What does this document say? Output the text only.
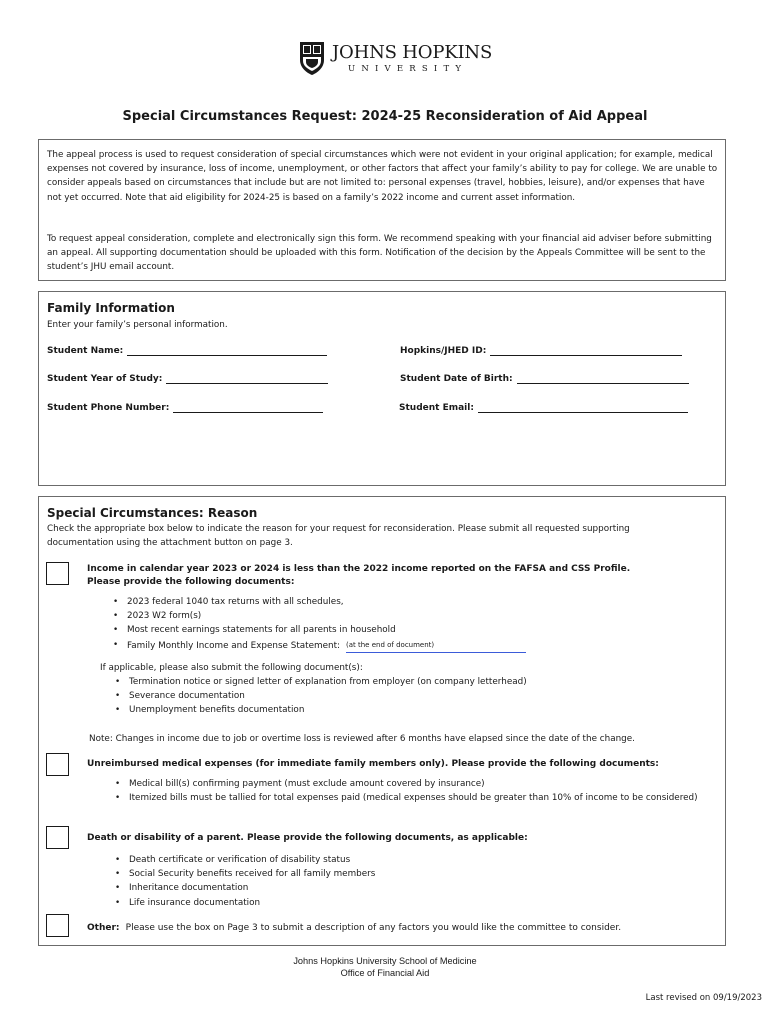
JOHNS HOPKINS
UNIVERSITY
Special Circumstances Request: 2024-25 Reconsideration of Aid Appeal

The appeal process is used to request consideration of special circumstances which were not evident in your original application; for example, medical expenses not covered by insurance, loss of income, unemployment, or other factors that affect your family’s ability to pay for college. We are unable to consider appeals based on circumstances that include but are not limited to: personal expenses (travel, hobbies, leisure), and/or expenses that have not yet occurred. Note that aid eligibility for 2024-25 is based on a family’s 2022 income and current asset information.

To request appeal consideration, complete and electronically sign this form. We recommend speaking with your financial aid adviser before submitting an appeal. All supporting documentation should be uploaded with this form. Notification of the decision by the Appeals Committee will be sent to the student’s JHU email account.

Family Information
Enter your family’s personal information.
Student Name:	Hopkins/JHED ID:
Student Year of Study:	Student Date of Birth:
Student Phone Number:	Student Email:
Special Circumstances: Reason
Check the appropriate box below to indicate the reason for your request for reconsideration. Please submit all requested supporting documentation using the attachment button on page 3.
Income in calendar year 2023 or 2024 is less than the 2022 income reported on the FAFSA and CSS Profile.
Please provide the following documents:
• 2023 federal 1040 tax returns with all schedules,
• 2023 W2 form(s)
• Most recent earnings statements for all parents in household
• Family Monthly Income and Expense Statement: (at the end of document)
If applicable, please also submit the following document(s):
• Termination notice or signed letter of explanation from employer (on company letterhead)
• Severance documentation
• Unemployment benefits documentation
Note: Changes in income due to job or overtime loss is reviewed after 6 months have elapsed since the date of the change.
Unreimbursed medical expenses (for immediate family members only). Please provide the following documents:
• Medical bill(s) confirming payment (must exclude amount covered by insurance)
• Itemized bills must be tallied for total expenses paid (medical expenses should be greater than 10% of income to be considered)
Death or disability of a parent. Please provide the following documents, as applicable:
• Death certificate or verification of disability status
• Social Security benefits received for all family members
• Inheritance documentation
• Life insurance documentation
Other: Please use the box on Page 3 to submit a description of any factors you would like the committee to consider.
Johns Hopkins University School of Medicine
Office of Financial Aid
Last revised on 09/19/2023
